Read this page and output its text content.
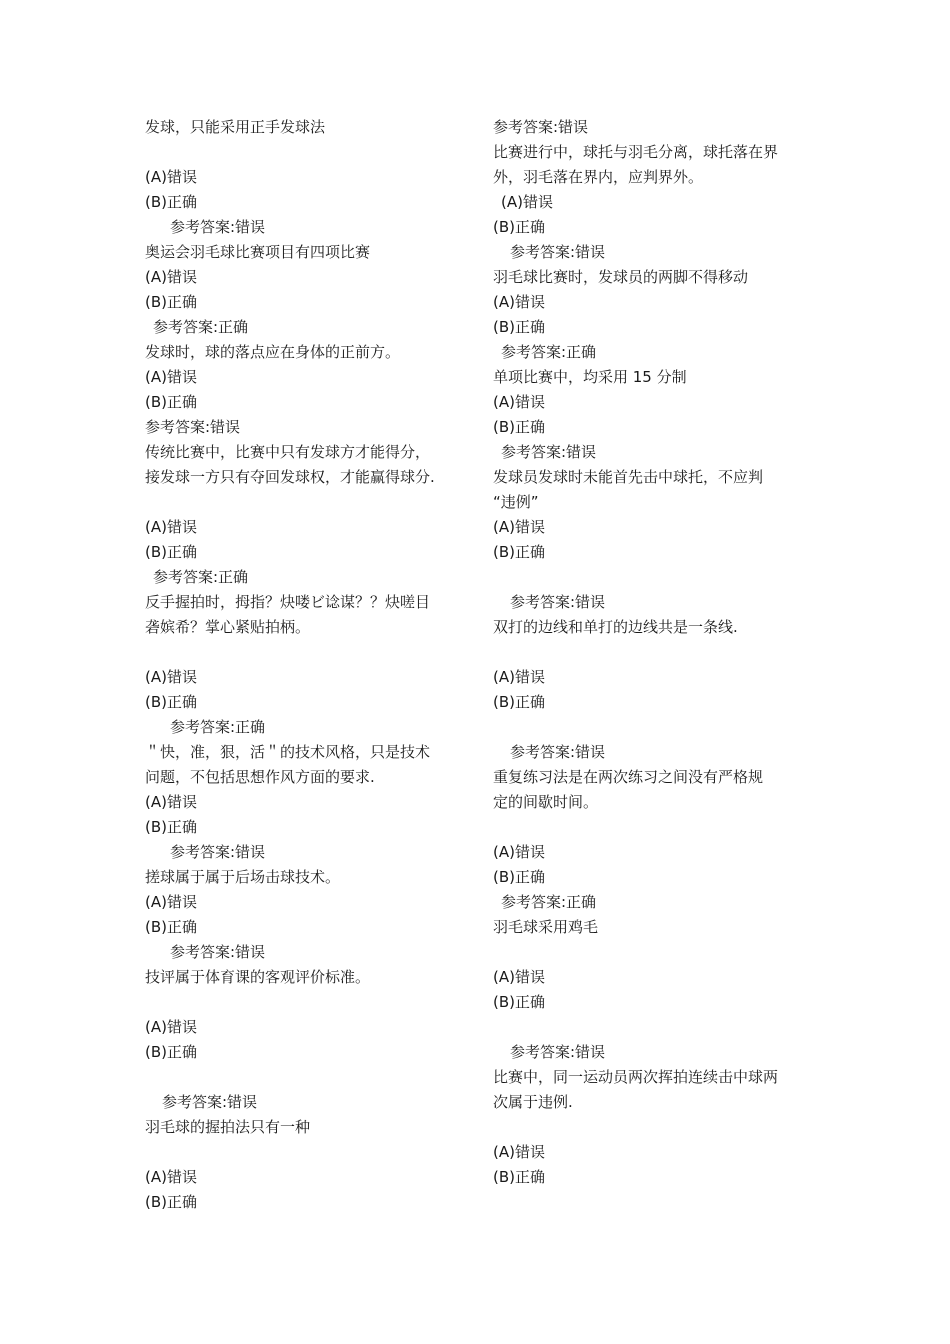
发球，只能采用正手发球法
(A)错误
(B)正确
参考答案:错误
奥运会羽毛球比赛项目有四项比赛
(A)错误
(B)正确
参考答案:正确
发球时，球的落点应在身体的正前方。
(A)错误
(B)正确
参考答案:错误
传统比赛中，比赛中只有发球方才能得分，
接发球一方只有夺回发球权，才能赢得球分.
(A)错误
(B)正确
参考答案:正确
反手握拍时，拇指？炔喽ビ谂谋？？炔嗟目
砻嫔希？掌心紧贴拍柄。
(A)错误
(B)正确
参考答案:正确
＂快，准，狠，活＂的技术风格，只是技术
问题，不包括思想作风方面的要求.
(A)错误
(B)正确
参考答案:错误
搓球属于属于后场击球技术。
(A)错误
(B)正确
参考答案:错误
技评属于体育课的客观评价标准。
(A)错误
(B)正确
参考答案:错误
羽毛球的握拍法只有一种
(A)错误
(B)正确
参考答案:错误
比赛进行中，球托与羽毛分离，球托落在界
外，羽毛落在界内，应判界外。
(A)错误
(B)正确
参考答案:错误
羽毛球比赛时，发球员的两脚不得移动
(A)错误
(B)正确
参考答案:正确
单项比赛中，均采用 15 分制
(A)错误
(B)正确
参考答案:错误
发球员发球时未能首先击中球托，不应判
“违例”
(A)错误
(B)正确
参考答案:错误
双打的边线和单打的边线共是一条线.
(A)错误
(B)正确
参考答案:错误
重复练习法是在两次练习之间没有严格规
定的间歇时间。
(A)错误
(B)正确
参考答案:正确
羽毛球采用鸡毛
(A)错误
(B)正确
参考答案:错误
比赛中，同一运动员两次挥拍连续击中球两
次属于违例.
(A)错误
(B)正确
